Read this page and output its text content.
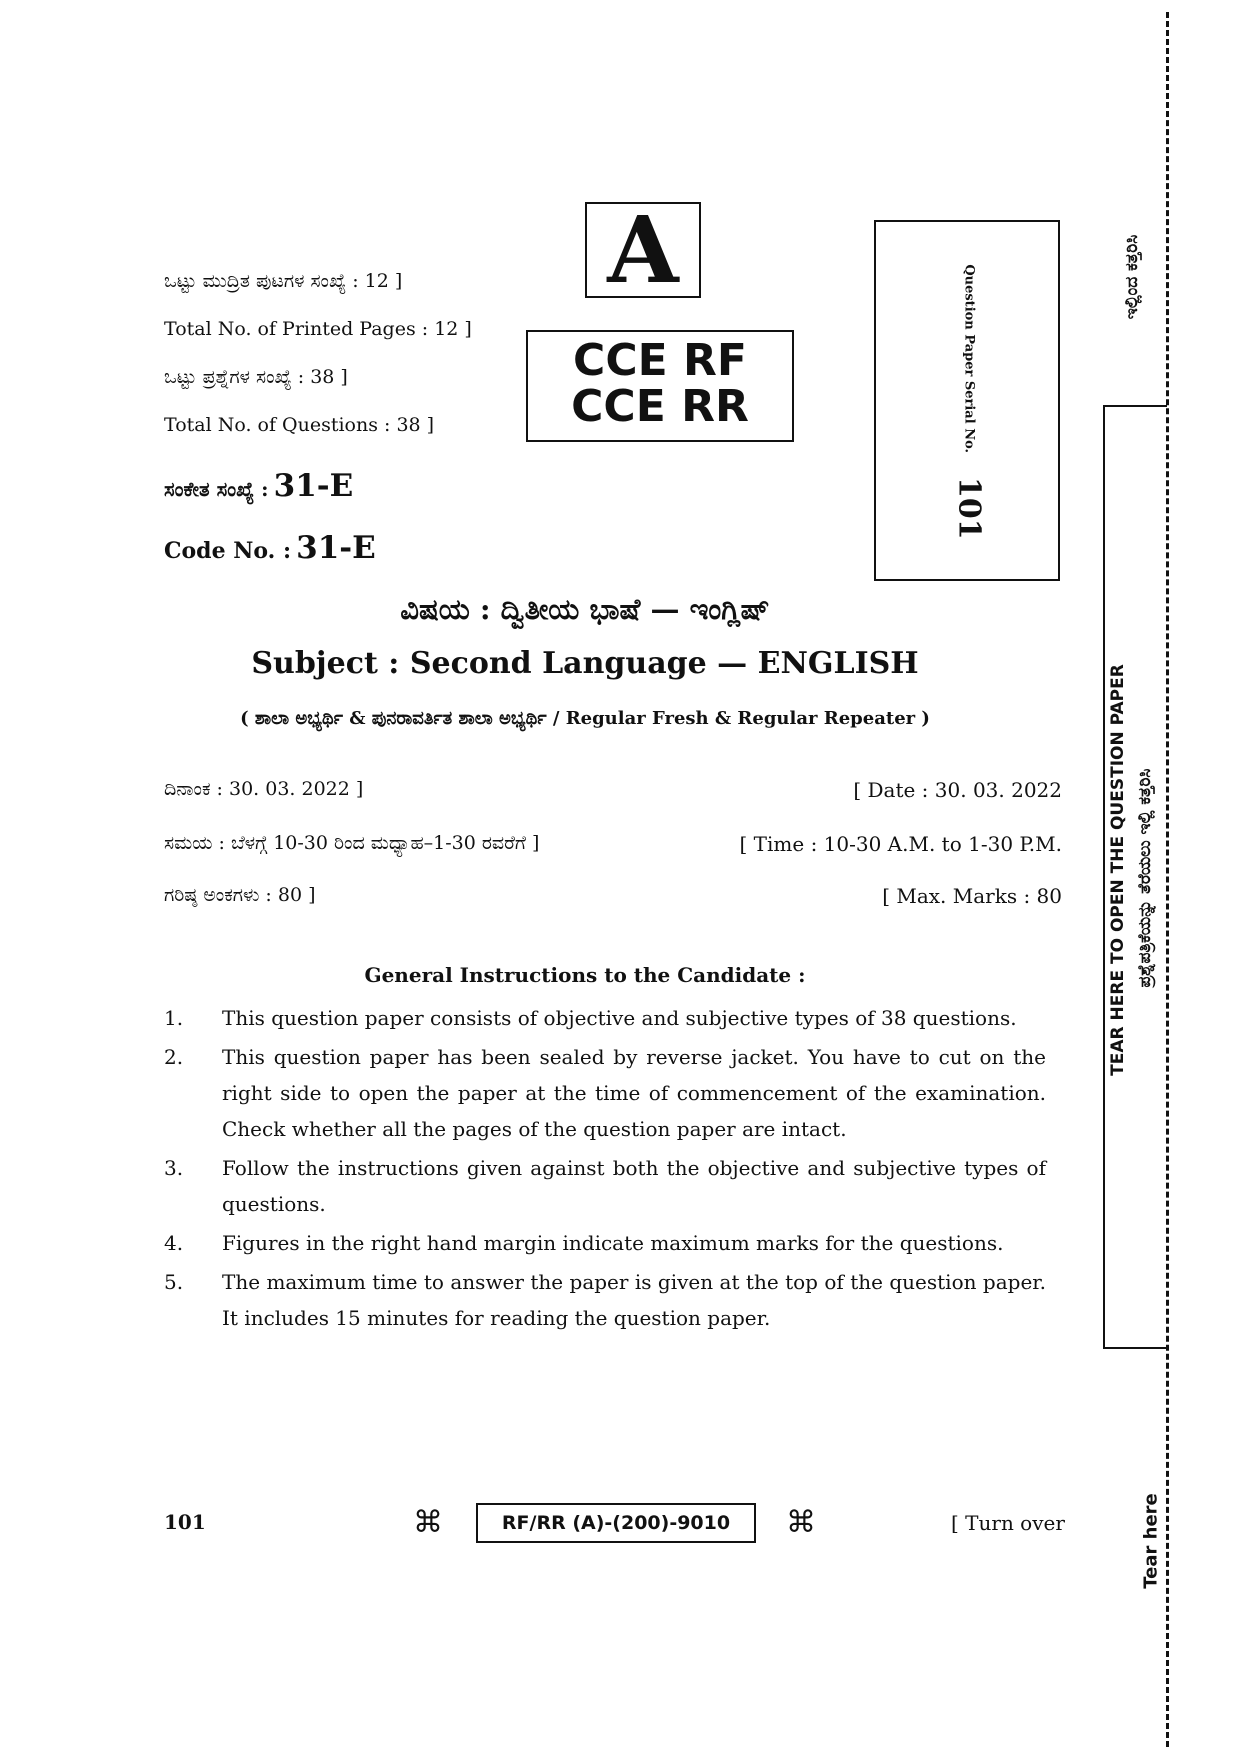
A
CCE RF
CCE RR	Question Paper Serial No.
101
ಒಟ್ಟು ಮುದ್ರಿತ ಪುಟಗಳ ಸಂಖ್ಯೆ : 12 ]
Total No. of Printed Pages : 12 ]
ಒಟ್ಟು ಪ್ರಶ್ನೆಗಳ ಸಂಖ್ಯೆ : 38 ]
Total No. of Questions : 38 ]
ಸಂಕೇತ ಸಂಖ್ಯೆ : 31-E
Code No. : 31-E
ವಿಷಯ : ದ್ವಿತೀಯ ಭಾಷೆ — ಇಂಗ್ಲಿಷ್
Subject : Second Language — ENGLISH
( ಶಾಲಾ ಅಭ್ಯರ್ಥಿ & ಪುನರಾವರ್ತಿತ ಶಾಲಾ ಅಭ್ಯರ್ಥಿ / Regular Fresh & Regular Repeater )
ದಿನಾಂಕ : 30. 03. 2022 ]	[ Date : 30. 03. 2022
ಸಮಯ : ಬೆಳಗ್ಗೆ 10-30 ರಿಂದ ಮಧ್ಯಾಹ–1-30 ರವರೆಗೆ ]	[ Time : 10-30 A.M. to 1-30 P.M.
ಗರಿಷ್ಠ ಅಂಕಗಳು : 80 ]	[ Max. Marks : 80
General Instructions to the Candidate :
1.	This question paper consists of objective and subjective types of 38 questions.
2.	This question paper has been sealed by reverse jacket. You have to cut on the right side to open the paper at the time of commencement of the examination. Check whether all the pages of the question paper are intact.
3.	Follow the instructions given against both the objective and subjective types of questions.
4.	Figures in the right hand margin indicate maximum marks for the questions.
5.	The maximum time to answer the paper is given at the top of the question paper. It includes 15 minutes for reading the question paper.
101	⌘	RF/RR (A)-(200)-9010	⌘	[ Turn over
ಇಲ್ಲಿಂದ ಕತ್ತರಿಸಿ
TEAR HERE TO OPEN THE QUESTION PAPER ಪ್ರಶ್ನೆಪತ್ರಿಕೆಯನ್ನು ತೆರೆಯಲು ಇಲ್ಲಿ ಕತ್ತರಿಸಿ
Tear here
